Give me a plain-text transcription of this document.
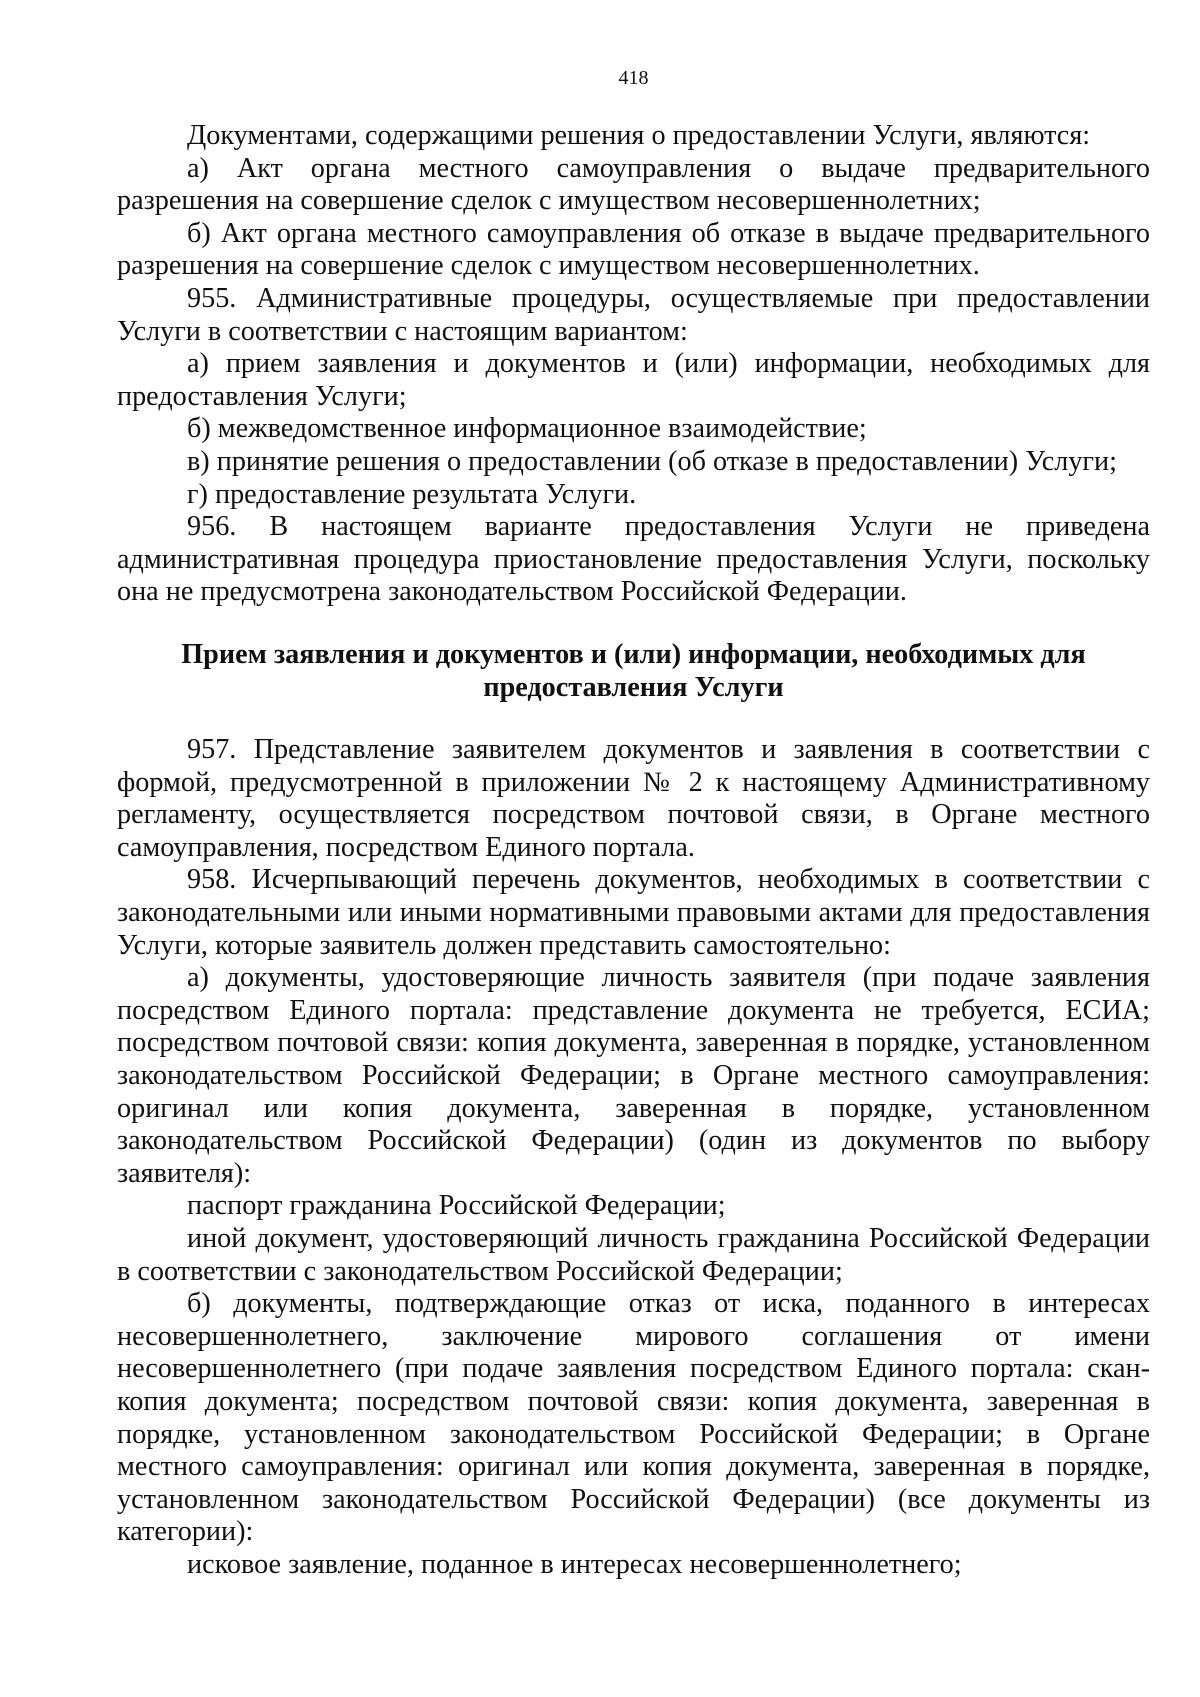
418

Документами, содержащими решения о предоставлении Услуги, являются:

а) Акт органа местного самоуправления о выдаче предварительного разрешения на совершение сделок с имуществом несовершеннолетних;

б) Акт органа местного самоуправления об отказе в выдаче предварительного разрешения на совершение сделок с имуществом несовершеннолетних.

955. Административные процедуры, осуществляемые при предоставлении Услуги в соответствии с настоящим вариантом:

а) прием заявления и документов и (или) информации, необходимых для предоставления Услуги;

б) межведомственное информационное взаимодействие;

в) принятие решения о предоставлении (об отказе в предоставлении) Услуги;

г) предоставление результата Услуги.

956. В настоящем варианте предоставления Услуги не приведена административная процедура приостановление предоставления Услуги, поскольку она не предусмотрена законодательством Российской Федерации.

Прием заявления и документов и (или) информации, необходимых для
предоставления Услуги

957. Представление заявителем документов и заявления в соответствии с формой, предусмотренной в приложении № 2 к настоящему Административному регламенту, осуществляется посредством почтовой связи, в Органе местного самоуправления, посредством Единого портала.

958. Исчерпывающий перечень документов, необходимых в соответствии с законодательными или иными нормативными правовыми актами для предоставления Услуги, которые заявитель должен представить самостоятельно:

а) документы, удостоверяющие личность заявителя (при подаче заявления посредством Единого портала: представление документа не требуется, ЕСИА; посредством почтовой связи: копия документа, заверенная в порядке, установленном законодательством Российской Федерации; в Органе местного самоуправления: оригинал или копия документа, заверенная в порядке, установленном законодательством Российской Федерации) (один из документов по выбору заявителя):

паспорт гражданина Российской Федерации;

иной документ, удостоверяющий личность гражданина Российской Федерации в соответствии с законодательством Российской Федерации;

б) документы, подтверждающие отказ от иска, поданного в интересах несовершеннолетнего, заключение мирового соглашения от имени несовершеннолетнего (при подаче заявления посредством Единого портала: скан-копия документа; посредством почтовой связи: копия документа, заверенная в порядке, установленном законодательством Российской Федерации; в Органе местного самоуправления: оригинал или копия документа, заверенная в порядке, установленном законодательством Российской Федерации) (все документы из категории):

исковое заявление, поданное в интересах несовершеннолетнего;
